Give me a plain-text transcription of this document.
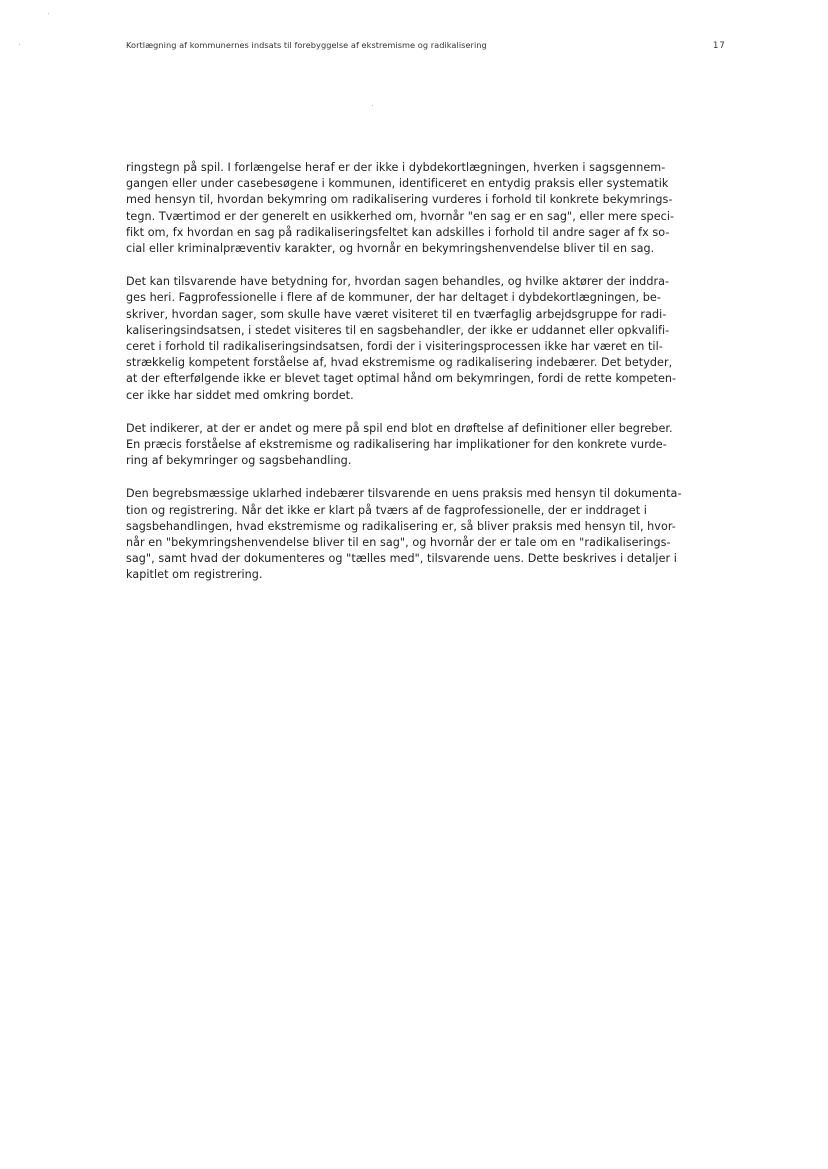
Kortlægning af kommunernes indsats til forebyggelse af ekstremisme og radikalisering	17
ringstegn på spil. I forlængelse heraf er der ikke i dybdekortlægningen, hverken i sagsgennem-
gangen eller under casebesøgene i kommunen, identificeret en entydig praksis eller systematik
med hensyn til, hvordan bekymring om radikalisering vurderes i forhold til konkrete bekymrings-
tegn. Tværtimod er der generelt en usikkerhed om, hvornår "en sag er en sag", eller mere speci-
fikt om, fx hvordan en sag på radikaliseringsfeltet kan adskilles i forhold til andre sager af fx so-
cial eller kriminalpræventiv karakter, og hvornår en bekymringshenvendelse bliver til en sag.
Det kan tilsvarende have betydning for, hvordan sagen behandles, og hvilke aktører der inddra-
ges heri. Fagprofessionelle i flere af de kommuner, der har deltaget i dybdekortlægningen, be-
skriver, hvordan sager, som skulle have været visiteret til en tværfaglig arbejdsgruppe for radi-
kaliseringsindsatsen, i stedet visiteres til en sagsbehandler, der ikke er uddannet eller opkvalifi-
ceret i forhold til radikaliseringsindsatsen, fordi der i visiteringsprocessen ikke har været en til-
strækkelig kompetent forståelse af, hvad ekstremisme og radikalisering indebærer. Det betyder,
at der efterfølgende ikke er blevet taget optimal hånd om bekymringen, fordi de rette kompeten-
cer ikke har siddet med omkring bordet.
Det indikerer, at der er andet og mere på spil end blot en drøftelse af definitioner eller begreber.
En præcis forståelse af ekstremisme og radikalisering har implikationer for den konkrete vurde-
ring af bekymringer og sagsbehandling.
Den begrebsmæssige uklarhed indebærer tilsvarende en uens praksis med hensyn til dokumenta-
tion og registrering. Når det ikke er klart på tværs af de fagprofessionelle, der er inddraget i
sagsbehandlingen, hvad ekstremisme og radikalisering er, så bliver praksis med hensyn til, hvor-
når en "bekymringshenvendelse bliver til en sag", og hvornår der er tale om en "radikaliserings-
sag", samt hvad der dokumenteres og "tælles med", tilsvarende uens. Dette beskrives i detaljer i
kapitlet om registrering.
